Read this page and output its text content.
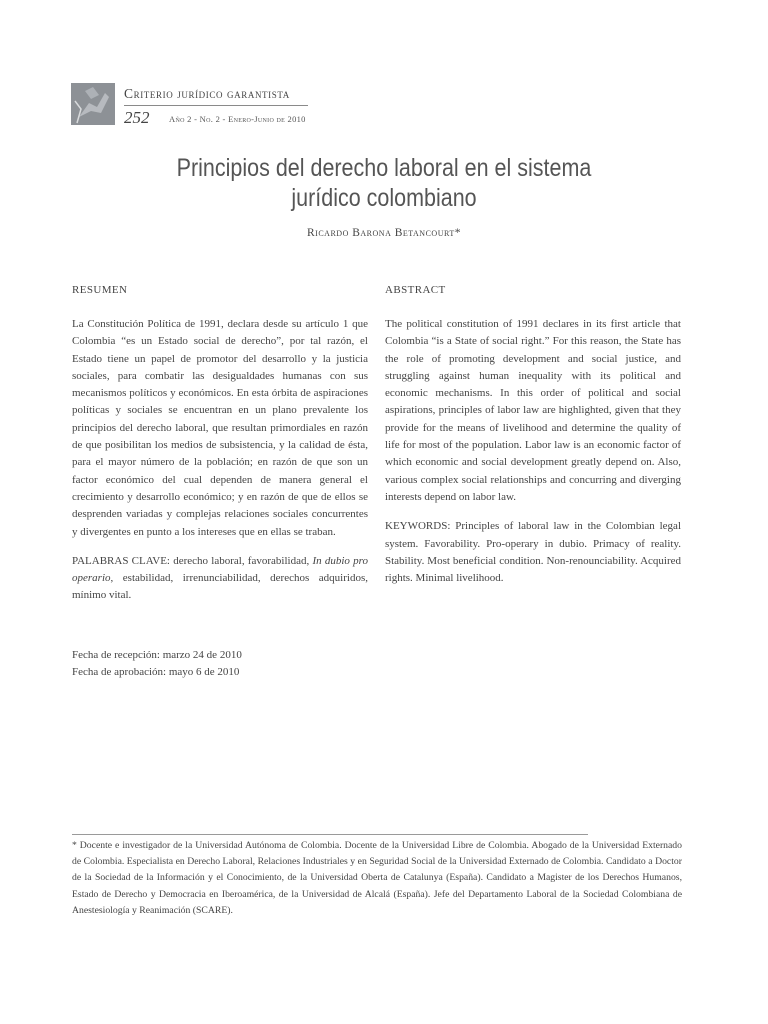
Criterio jurídico garantista
252 Año 2 - No. 2 - Enero-Junio de 2010
Principios del derecho laboral en el sistema jurídico colombiano
Ricardo Barona Betancourt*
RESUMEN	ABSTRACT

La Constitución Política de 1991, declara desde su artículo 1 que Colombia “es un Estado social de derecho”, por tal razón, el Estado tiene un papel de promotor del desarrollo y la justicia sociales, para combatir las desigualdades humanas con sus mecanismos políticos y económicos. En esta órbita de aspiraciones políticas y sociales se encuentran en un plano prevalente los principios del derecho laboral, que resultan primordiales en razón de que posibilitan los medios de subsistencia, y la calidad de ésta, para el mayor número de la población; en razón de que son un factor económico del cual dependen de manera general el crecimiento y desarrollo económico; y en razón de que de ellos se desprenden variadas y complejas relaciones sociales concurrentes y divergentes en punto a los intereses que en ellas se traban.

PALABRAS CLAVE: derecho laboral, favorabilidad, In dubio pro operario, estabilidad, irrenunciabilidad, derechos adquiridos, mínimo vital.

The political constitution of 1991 declares in its first article that Colombia “is a State of social right.” For this reason, the State has the role of promoting development and social justice, and struggling against human inequality with its political and economic mechanisms. In this order of political and social aspirations, principles of labor law are highlighted, given that they provide for the means of livelihood and determine the quality of life for most of the population. Labor law is an economic factor of which economic and social development greatly depend on. Also, various complex social relationships and concurring and diverging interests depend on labor law.

KEYWORDS: Principles of laboral law in the Colombian legal system. Favorability. Pro-operary in dubio. Primacy of reality. Stability. Most beneficial condition. Non-renounciability. Acquired rights. Minimal livelihood.

Fecha de recepción: marzo 24 de 2010
Fecha de aprobación: mayo 6 de 2010
* Docente e investigador de la Universidad Autónoma de Colombia. Docente de la Universidad Libre de Colombia. Abogado de la Universidad Externado de Colombia. Especialista en Derecho Laboral, Relaciones Industriales y en Seguridad Social de la Universidad Externado de Colombia. Candidato a Doctor de la Sociedad de la Información y el Conocimiento, de la Universidad Oberta de Catalunya (España). Candidato a Magister de los Derechos Humanos, Estado de Derecho y Democracia en Iberoamérica, de la Universidad de Alcalá (España). Jefe del Departamento Laboral de la Sociedad Colombiana de Anestesiología y Reanimación (SCARE).
